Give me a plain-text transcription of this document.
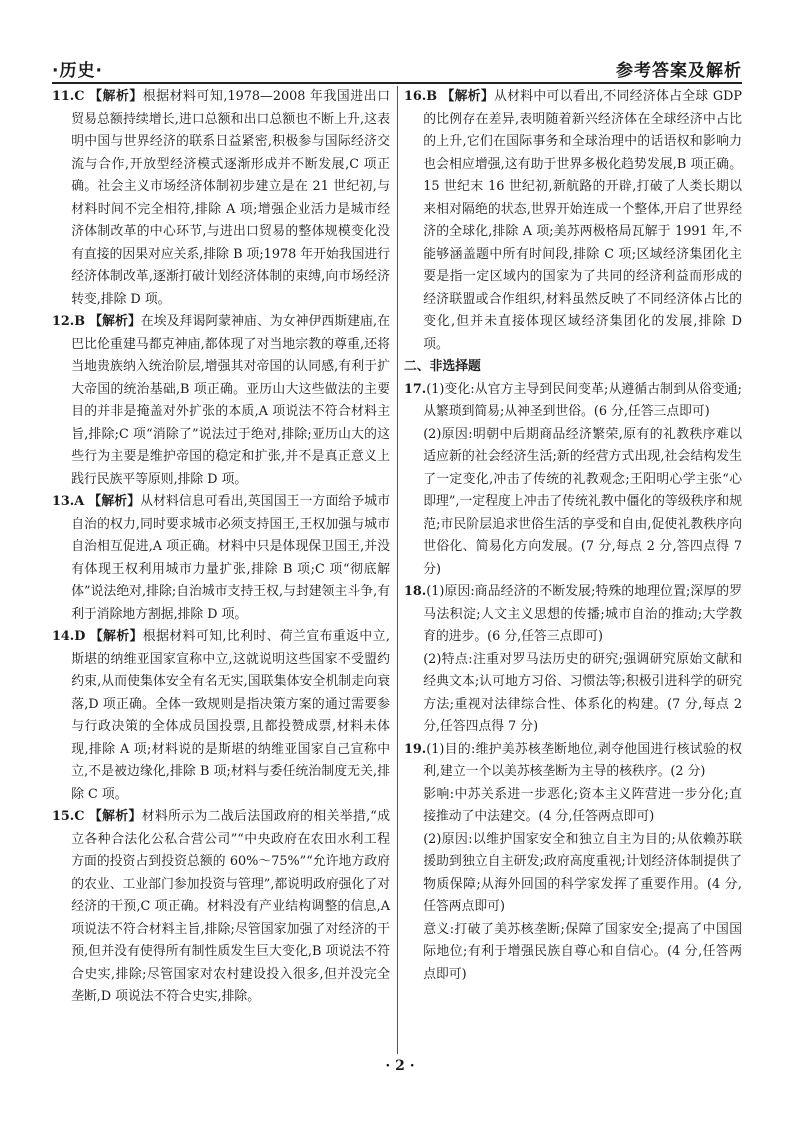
·历史·	参考答案及解析

11.C 【解析】根据材料可知,1978—2008 年我国进出口贸易总额持续增长,进口总额和出口总额也不断上升,这表明中国与世界经济的联系日益紧密,积极参与国际经济交流与合作,开放型经济模式逐渐形成并不断发展,C 项正确。社会主义市场经济体制初步建立是在 21 世纪初,与材料时间不完全相符,排除 A 项;增强企业活力是城市经济体制改革的中心环节,与进出口贸易的整体规模变化没有直接的因果对应关系,排除 B 项;1978 年开始我国进行经济体制改革,逐渐打破计划经济体制的束缚,向市场经济转变,排除 D 项。

12.B 【解析】在埃及拜谒阿蒙神庙、为女神伊西斯建庙,在巴比伦重建马都克神庙,都体现了对当地宗教的尊重,还将当地贵族纳入统治阶层,增强其对帝国的认同感,有利于扩大帝国的统治基础,B 项正确。亚历山大这些做法的主要目的并非是掩盖对外扩张的本质,A 项说法不符合材料主旨,排除;C 项“消除了”说法过于绝对,排除;亚历山大的这些行为主要是维护帝国的稳定和扩张,并不是真正意义上践行民族平等原则,排除 D 项。

13.A 【解析】从材料信息可看出,英国国王一方面给予城市自治的权力,同时要求城市必须支持国王,王权加强与城市自治相互促进,A 项正确。材料中只是体现保卫国王,并没有体现王权利用城市力量扩张,排除 B 项;C 项“彻底解体”说法绝对,排除;自治城市支持王权,与封建领主斗争,有利于消除地方割据,排除 D 项。

14.D 【解析】根据材料可知,比利时、荷兰宣布重返中立,斯堪的纳维亚国家宣称中立,这就说明这些国家不受盟约约束,从而使集体安全有名无实,国联集体安全机制走向衰落,D 项正确。全体一致规则是指决策方案的通过需要参与行政决策的全体成员国投票,且都投赞成票,材料未体现,排除 A 项;材料说的是斯堪的纳维亚国家自己宣称中立,不是被边缘化,排除 B 项;材料与委任统治制度无关,排除 C 项。

15.C 【解析】材料所示为二战后法国政府的相关举措,“成立各种合法化公私合营公司”“中央政府在农田水利工程方面的投资占到投资总额的 60%～75%”“允许地方政府的农业、工业部门参加投资与管理”,都说明政府强化了对经济的干预,C 项正确。材料没有产业结构调整的信息,A 项说法不符合材料主旨,排除;尽管国家加强了对经济的干预,但并没有使得所有制性质发生巨大变化,B 项说法不符合史实,排除;尽管国家对农村建设投入很多,但并没完全垄断,D 项说法不符合史实,排除。

16.B 【解析】从材料中可以看出,不同经济体占全球 GDP 的比例存在差异,表明随着新兴经济体在全球经济中占比的上升,它们在国际事务和全球治理中的话语权和影响力也会相应增强,这有助于世界多极化趋势发展,B 项正确。15 世纪末 16 世纪初,新航路的开辟,打破了人类长期以来相对隔绝的状态,世界开始连成一个整体,开启了世界经济的全球化,排除 A 项;美苏两极格局瓦解于 1991 年,不能够涵盖题中所有时间段,排除 C 项;区域经济集团化主要是指一定区域内的国家为了共同的经济利益而形成的经济联盟或合作组织,材料虽然反映了不同经济体占比的变化,但并未直接体现区域经济集团化的发展,排除 D 项。

二、非选择题

17.(1)变化:从官方主导到民间变革;从遵循古制到从俗变通;从繁琐到简易;从神圣到世俗。(6 分,任答三点即可)

(2)原因:明朝中后期商品经济繁荣,原有的礼教秩序难以适应新的社会经济生活;新的经营方式出现,社会结构发生了一定变化,冲击了传统的礼教观念;王阳明心学主张“心即理”,一定程度上冲击了传统礼教中僵化的等级秩序和规范;市民阶层追求世俗生活的享受和自由,促使礼教秩序向世俗化、简易化方向发展。(7 分,每点 2 分,答四点得 7 分)

18.(1)原因:商品经济的不断发展;特殊的地理位置;深厚的罗马法积淀;人文主义思想的传播;城市自治的推动;大学教育的进步。(6 分,任答三点即可)

(2)特点:注重对罗马法历史的研究;强调研究原始文献和经典文本;认可地方习俗、习惯法等;积极引进科学的研究方法;重视对法律综合性、体系化的构建。(7 分,每点 2 分,任答四点得 7 分)

19.(1)目的:维护美苏核垄断地位,剥夺他国进行核试验的权利,建立一个以美苏核垄断为主导的核秩序。(2 分)

影响:中苏关系进一步恶化;资本主义阵营进一步分化;直接推动了中法建交。(4 分,任答两点即可)

(2)原因:以维护国家安全和独立自主为目的;从依赖苏联援助到独立自主研发;政府高度重视;计划经济体制提供了物质保障;从海外回国的科学家发挥了重要作用。(4 分,任答两点即可)

意义:打破了美苏核垄断;保障了国家安全;提高了中国国际地位;有利于增强民族自尊心和自信心。(4 分,任答两点即可)

· 2 ·
